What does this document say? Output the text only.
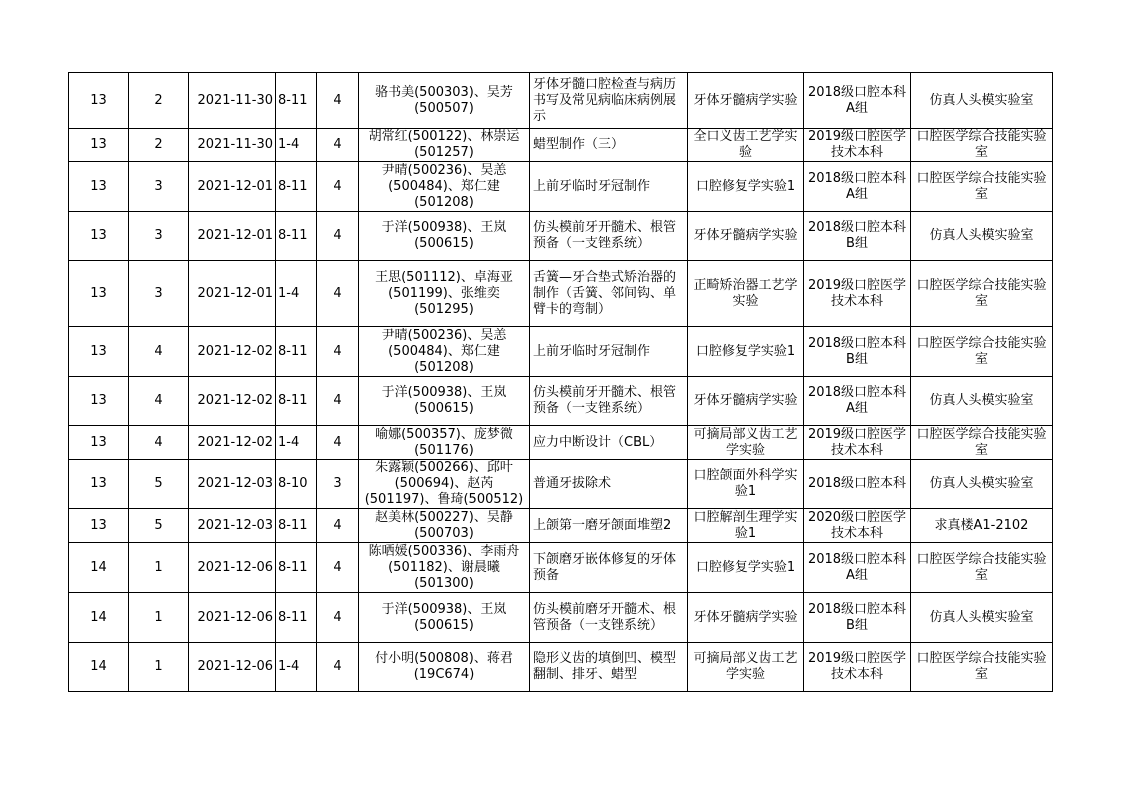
13	2	2021-11-30	8-11	4	骆书美(500303)、吴芳(500507)	牙体牙髓口腔检查与病历书写及常见病临床病例展示	牙体牙髓病学实验	2018级口腔本科A组	仿真人头模实验室
13	2	2021-11-30	1-4	4	胡常红(500122)、林崇运(501257)	蜡型制作（三）	全口义齿工艺学实验	2019级口腔医学技术本科	口腔医学综合技能实验室
13	3	2021-12-01	8-11	4	尹晴(500236)、吴恙(500484)、郑仁建(501208)	上前牙临时牙冠制作	口腔修复学实验1	2018级口腔本科A组	口腔医学综合技能实验室
13	3	2021-12-01	8-11	4	于洋(500938)、王岚(500615)	仿头模前牙开髓术、根管预备（一支锉系统）	牙体牙髓病学实验	2018级口腔本科B组	仿真人头模实验室
13	3	2021-12-01	1-4	4	王思(501112)、卓海亚(501199)、张维奕(501295)	舌簧—牙合垫式矫治器的制作（舌簧、邻间钩、单臂卡的弯制）	正畸矫治器工艺学实验	2019级口腔医学技术本科	口腔医学综合技能实验室
13	4	2021-12-02	8-11	4	尹晴(500236)、吴恙(500484)、郑仁建(501208)	上前牙临时牙冠制作	口腔修复学实验1	2018级口腔本科B组	口腔医学综合技能实验室
13	4	2021-12-02	8-11	4	于洋(500938)、王岚(500615)	仿头模前牙开髓术、根管预备（一支锉系统）	牙体牙髓病学实验	2018级口腔本科A组	仿真人头模实验室
13	4	2021-12-02	1-4	4	喻娜(500357)、庞梦微(501176)	应力中断设计（CBL）	可摘局部义齿工艺学实验	2019级口腔医学技术本科	口腔医学综合技能实验室
13	5	2021-12-03	8-10	3	朱露颖(500266)、邱叶(500694)、赵芮(501197)、鲁琦(500512)	普通牙拔除术	口腔颌面外科学实验1	2018级口腔本科	仿真人头模实验室
13	5	2021-12-03	8-11	4	赵美林(500227)、吴静(500703)	上颌第一磨牙颌面堆塑2	口腔解剖生理学实验1	2020级口腔医学技术本科	求真楼A1-2102
14	1	2021-12-06	8-11	4	陈哂媛(500336)、李雨舟(501182)、谢晨曦(501300)	下颌磨牙嵌体修复的牙体预备	口腔修复学实验1	2018级口腔本科A组	口腔医学综合技能实验室
14	1	2021-12-06	8-11	4	于洋(500938)、王岚(500615)	仿头模前磨牙开髓术、根管预备（一支锉系统）	牙体牙髓病学实验	2018级口腔本科B组	仿真人头模实验室
14	1	2021-12-06	1-4	4	付小明(500808)、蒋君(19C674)	隐形义齿的填倒凹、模型翻制、排牙、蜡型	可摘局部义齿工艺学实验	2019级口腔医学技术本科	口腔医学综合技能实验室
